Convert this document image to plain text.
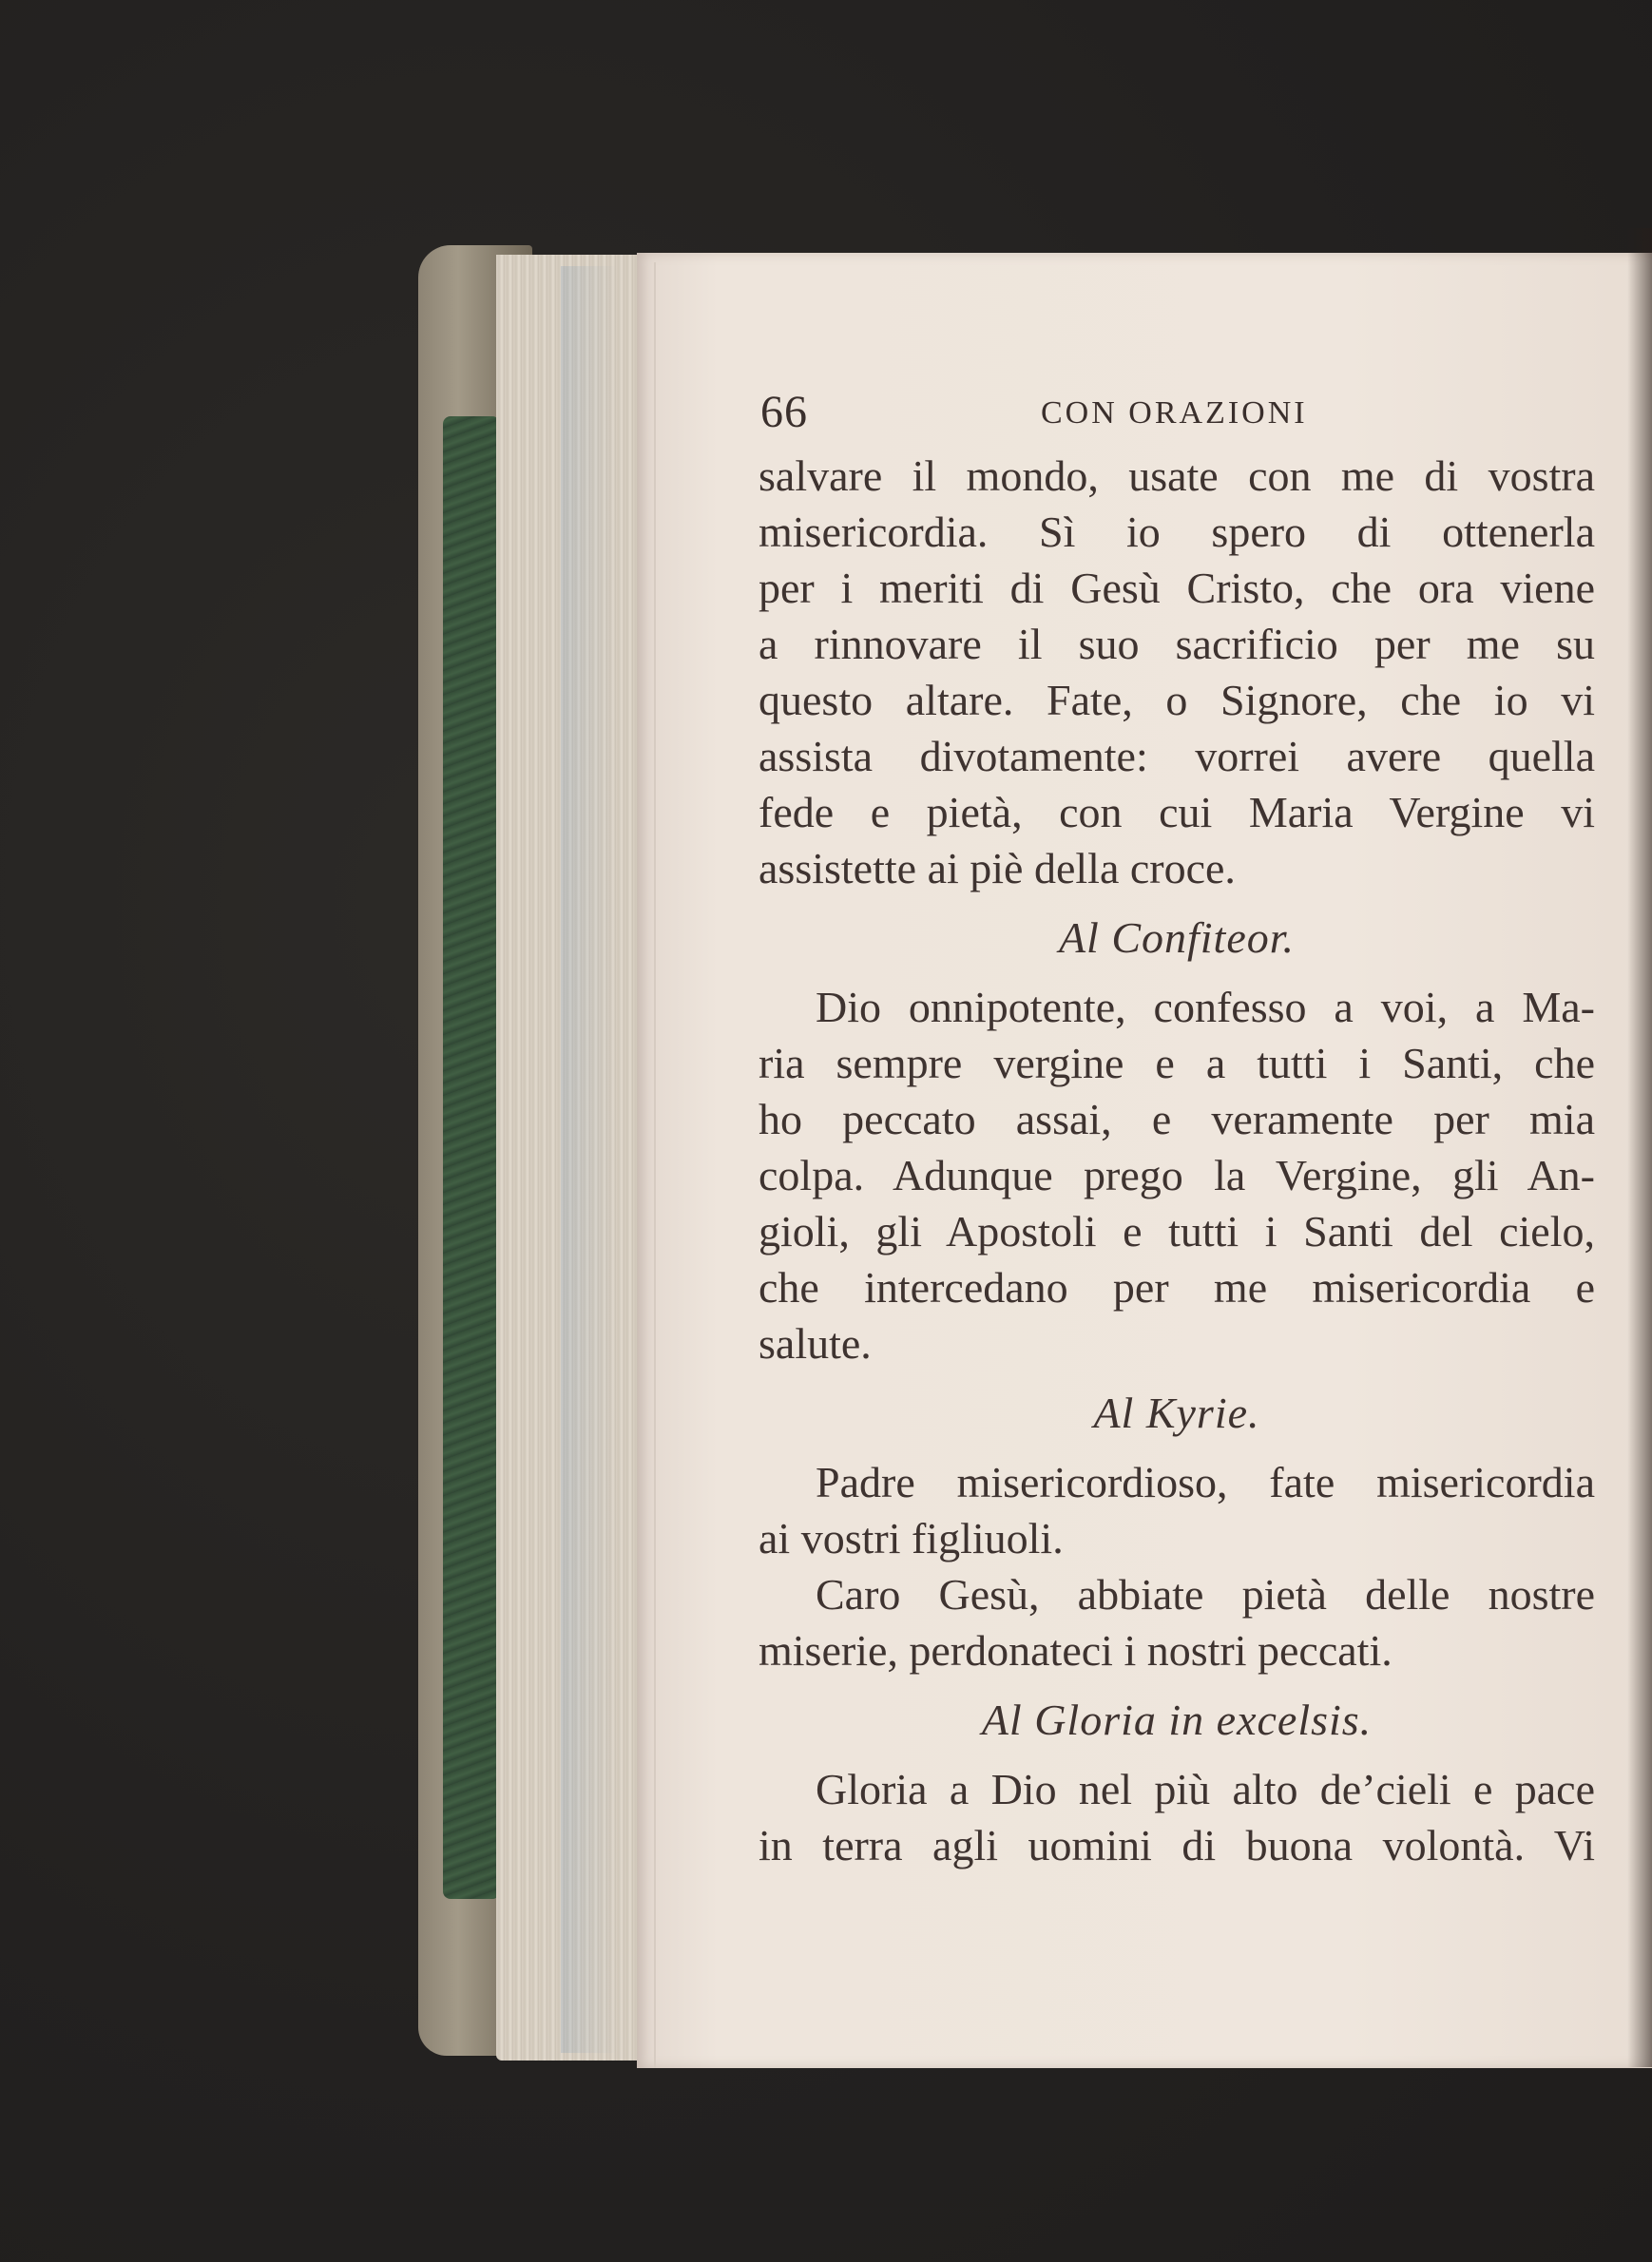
66	CON ORAZIONI
salvare il mondo, usate con me di vostra
misericordia. Sì io spero di ottenerla
per i meriti di Gesù Cristo, che ora viene
a rinnovare il suo sacrificio per me su
questo altare. Fate, o Signore, che io vi
assista divotamente: vorrei avere quella
fede e pietà, con cui Maria Vergine vi
assistette ai piè della croce.
Al Confiteor.
Dio onnipotente, confesso a voi, a Ma-
ria sempre vergine e a tutti i Santi, che
ho peccato assai, e veramente per mia
colpa. Adunque prego la Vergine, gli An-
gioli, gli Apostoli e tutti i Santi del cielo,
che intercedano per me misericordia e
salute.
Al Kyrie.
Padre misericordioso, fate misericordia
ai vostri figliuoli.
Caro Gesù, abbiate pietà delle nostre
miserie, perdonateci i nostri peccati.
Al Gloria in excelsis.
Gloria a Dio nel più alto de’cieli e pace
in terra agli uomini di buona volontà. Vi
